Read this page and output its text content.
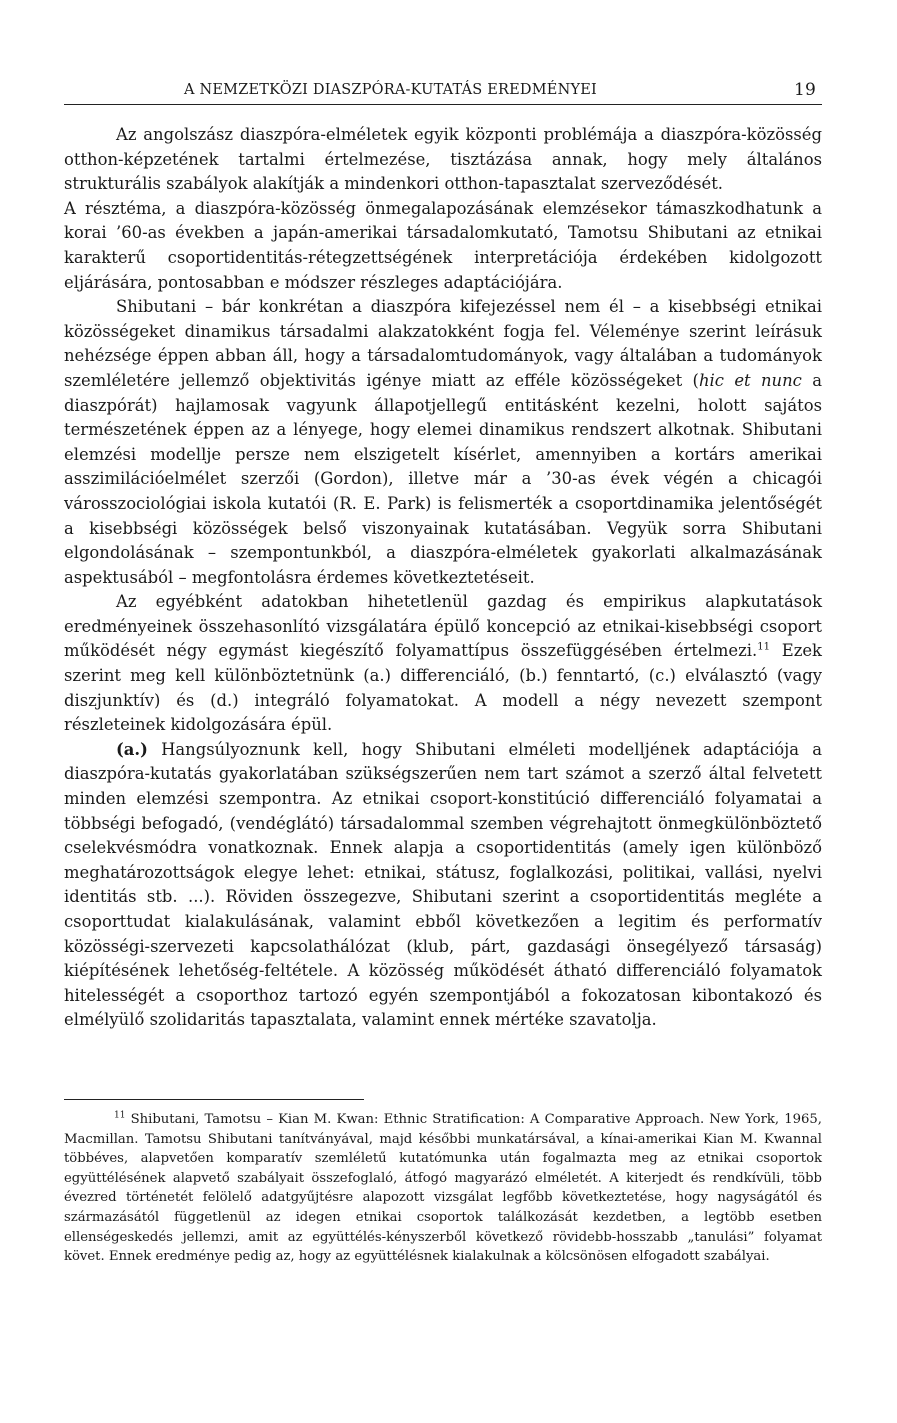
A NEMZETKÖZI DIASZPÓRA-KUTATÁS EREDMÉNYEI	19

Az angolszász diaszpóra-elméletek egyik központi problémája a diaszpóra-közösség otthon-képzetének tartalmi értelmezése, tisztázása annak, hogy mely általános strukturális szabályok alakítják a mindenkori otthon-tapasztalat szerveződését.

A résztéma, a diaszpóra-közösség önmegalapozásának elemzésekor támaszkodhatunk a korai ’60-as években a japán-amerikai társadalomkutató, Tamotsu Shibutani az etnikai karakterű csoportidentitás-rétegzettségének interpretációja érdekében kidolgozott eljárására, pontosabban e módszer részleges adaptációjára.

Shibutani – bár konkrétan a diaszpóra kifejezéssel nem él – a kisebbségi etnikai közösségeket dinamikus társadalmi alakzatokként fogja fel. Véleménye szerint leírásuk nehézsége éppen abban áll, hogy a társadalomtudományok, vagy általában a tudományok szemléletére jellemző objektivitás igénye miatt az efféle közösségeket (hic et nunc a diaszpórát) hajlamosak vagyunk állapotjellegű entitásként kezelni, holott sajátos természetének éppen az a lényege, hogy elemei dinamikus rendszert alkotnak. Shibutani elemzési modellje persze nem elszigetelt kísérlet, amennyiben a kortárs amerikai asszimilációelmélet szerzői (Gordon), illetve már a ’30-as évek végén a chicagói városszociológiai iskola kutatói (R. E. Park) is felismerték a csoportdinamika jelentőségét a kisebbségi közösségek belső viszonyainak kutatásában. Vegyük sorra Shibutani elgondolásának – szempontunkból, a diaszpóra-elméletek gyakorlati alkalmazásának aspektusából – megfontolásra érdemes következtetéseit.

Az egyébként adatokban hihetetlenül gazdag és empirikus alapkutatások eredményeinek összehasonlító vizsgálatára épülő koncepció az etnikai-kisebbségi csoport működését négy egymást kiegészítő folyamattípus összefüggésében értelmezi.$^{11}$ Ezek szerint meg kell különböztetnünk (a.) differenciáló, (b.) fenntartó, (c.) elválasztó (vagy diszjunktív) és (d.) integráló folyamatokat. A modell a négy nevezett szempont részleteinek kidolgozására épül.

(a.) Hangsúlyoznunk kell, hogy Shibutani elméleti modelljének adaptációja a diaszpóra-kutatás gyakorlatában szükségszerűen nem tart számot a szerző által felvetett minden elemzési szempontra. Az etnikai csoport-konstitúció differenciáló folyamatai a többségi befogadó, (vendéglátó) társadalommal szemben végrehajtott önmegkülönböztető cselekvésmódra vonatkoznak. Ennek alapja a csoportidentitás (amely igen különböző meghatározottságok elegye lehet: etnikai, státusz, foglalkozási, politikai, vallási, nyelvi identitás stb. ...). Röviden összegezve, Shibutani szerint a csoportidentitás megléte a csoporttudat kialakulásának, valamint ebből következően a legitim és performatív közösségi-szervezeti kapcsolathálózat (klub, párt, gazdasági önsegélyező társaság) kiépítésének lehetőség-feltétele. A közösség működését átható differenciáló folyamatok hitelességét a csoporthoz tartozó egyén szempontjából a fokozatosan kibontakozó és elmélyülő szolidaritás tapasztalata, valamint ennek mértéke szavatolja.

$^{11}$ Shibutani, Tamotsu – Kian M. Kwan: Ethnic Stratification: A Comparative Approach. New York, 1965, Macmillan. Tamotsu Shibutani tanítványával, majd későbbi munkatársával, a kínai-amerikai Kian M. Kwannal többéves, alapvetően komparatív szemléletű kutatómunka után fogalmazta meg az etnikai csoportok együttélésének alapvető szabályait összefoglaló, átfogó magyarázó elméletét. A kiterjedt és rendkívüli, több évezred történetét felölelő adatgyűjtésre alapozott vizsgálat legfőbb következtetése, hogy nagyságától és származásától függetlenül az idegen etnikai csoportok találkozását kezdetben, a legtöbb esetben ellenségeskedés jellemzi, amit az együttélés-kényszerből következő rövidebb-hosszabb „tanulási” folyamat követ. Ennek eredménye pedig az, hogy az együttélésnek kialakulnak a kölcsönösen elfogadott szabályai.
